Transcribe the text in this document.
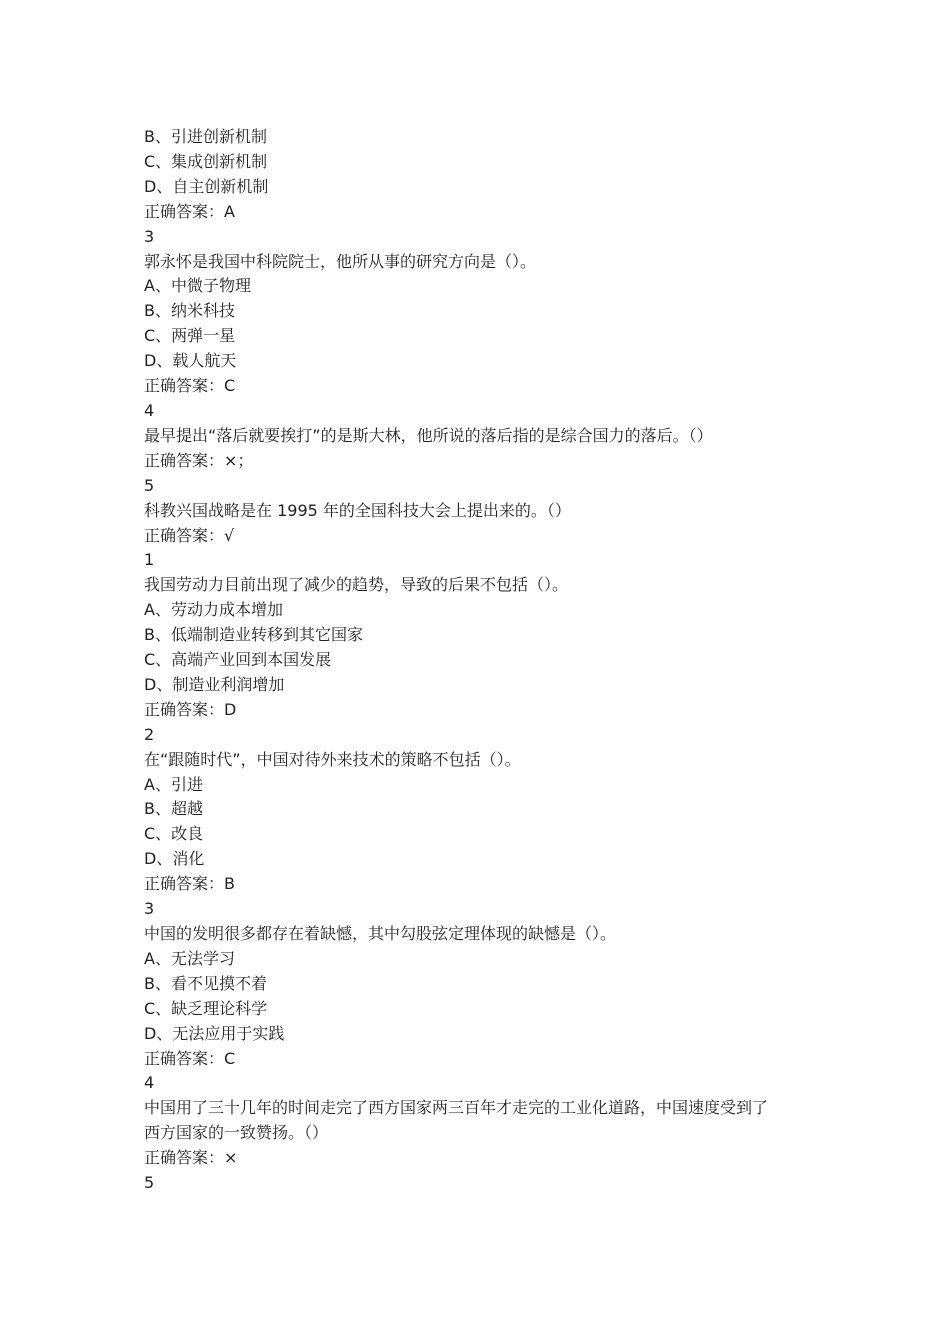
B、引进创新机制
C、集成创新机制
D、自主创新机制
正确答案：A
3
郭永怀是我国中科院院士，他所从事的研究方向是（）。
A、中微子物理
B、纳米科技
C、两弹一星
D、载人航天
正确答案：C
4
最早提出“落后就要挨打”的是斯大林，他所说的落后指的是综合国力的落后。（）
正确答案：×；
5
科教兴国战略是在 1995 年的全国科技大会上提出来的。（）
正确答案：√
1
我国劳动力目前出现了减少的趋势，导致的后果不包括（）。
A、劳动力成本增加
B、低端制造业转移到其它国家
C、高端产业回到本国发展
D、制造业利润增加
正确答案：D
2
在“跟随时代”，中国对待外来技术的策略不包括（）。
A、引进
B、超越
C、改良
D、消化
正确答案：B
3
中国的发明很多都存在着缺憾，其中勾股弦定理体现的缺憾是（）。
A、无法学习
B、看不见摸不着
C、缺乏理论科学
D、无法应用于实践
正确答案：C
4
中国用了三十几年的时间走完了西方国家两三百年才走完的工业化道路，中国速度受到了
西方国家的一致赞扬。（）
正确答案：×
5
